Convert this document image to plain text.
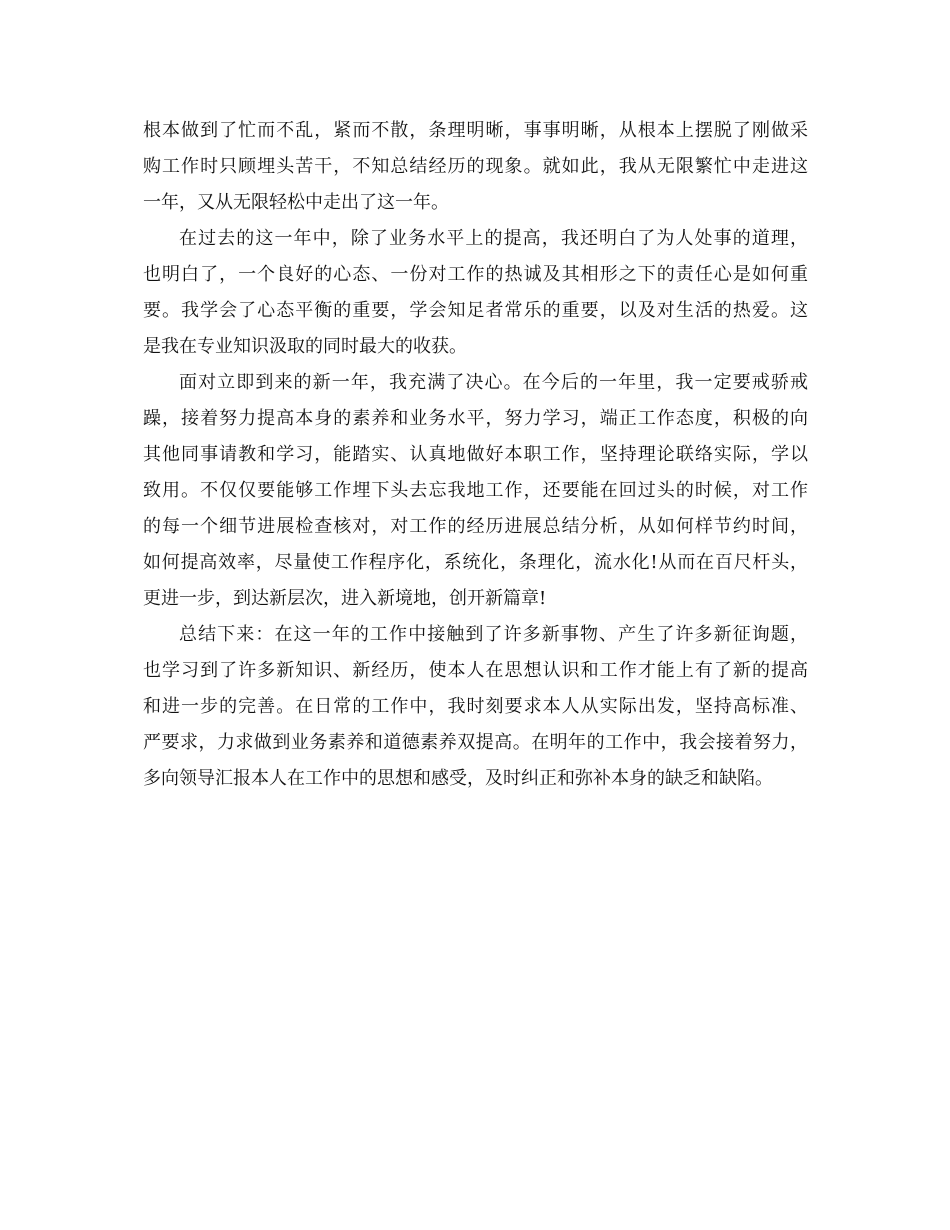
根本做到了忙而不乱，紧而不散，条理明晰，事事明晰，从根本上摆脱了刚做采
购工作时只顾埋头苦干，不知总结经历的现象。就如此，我从无限繁忙中走进这
一年，又从无限轻松中走出了这一年。
在过去的这一年中，除了业务水平上的提高，我还明白了为人处事的道理，
也明白了，一个良好的心态、一份对工作的热诚及其相形之下的责任心是如何重
要。我学会了心态平衡的重要，学会知足者常乐的重要，以及对生活的热爱。这
是我在专业知识汲取的同时最大的收获。
面对立即到来的新一年，我充满了决心。在今后的一年里，我一定要戒骄戒
躁，接着努力提高本身的素养和业务水平，努力学习，端正工作态度，积极的向
其他同事请教和学习，能踏实、认真地做好本职工作，坚持理论联络实际，学以
致用。不仅仅要能够工作埋下头去忘我地工作，还要能在回过头的时候，对工作
的每一个细节进展检查核对，对工作的经历进展总结分析，从如何样节约时间，
如何提高效率，尽量使工作程序化，系统化，条理化，流水化!从而在百尺杆头，
更进一步，到达新层次，进入新境地，创开新篇章!
总结下来：在这一年的工作中接触到了许多新事物、产生了许多新征询题，
也学习到了许多新知识、新经历，使本人在思想认识和工作才能上有了新的提高
和进一步的完善。在日常的工作中，我时刻要求本人从实际出发，坚持高标准、
严要求，力求做到业务素养和道德素养双提高。在明年的工作中，我会接着努力，
多向领导汇报本人在工作中的思想和感受，及时纠正和弥补本身的缺乏和缺陷。
